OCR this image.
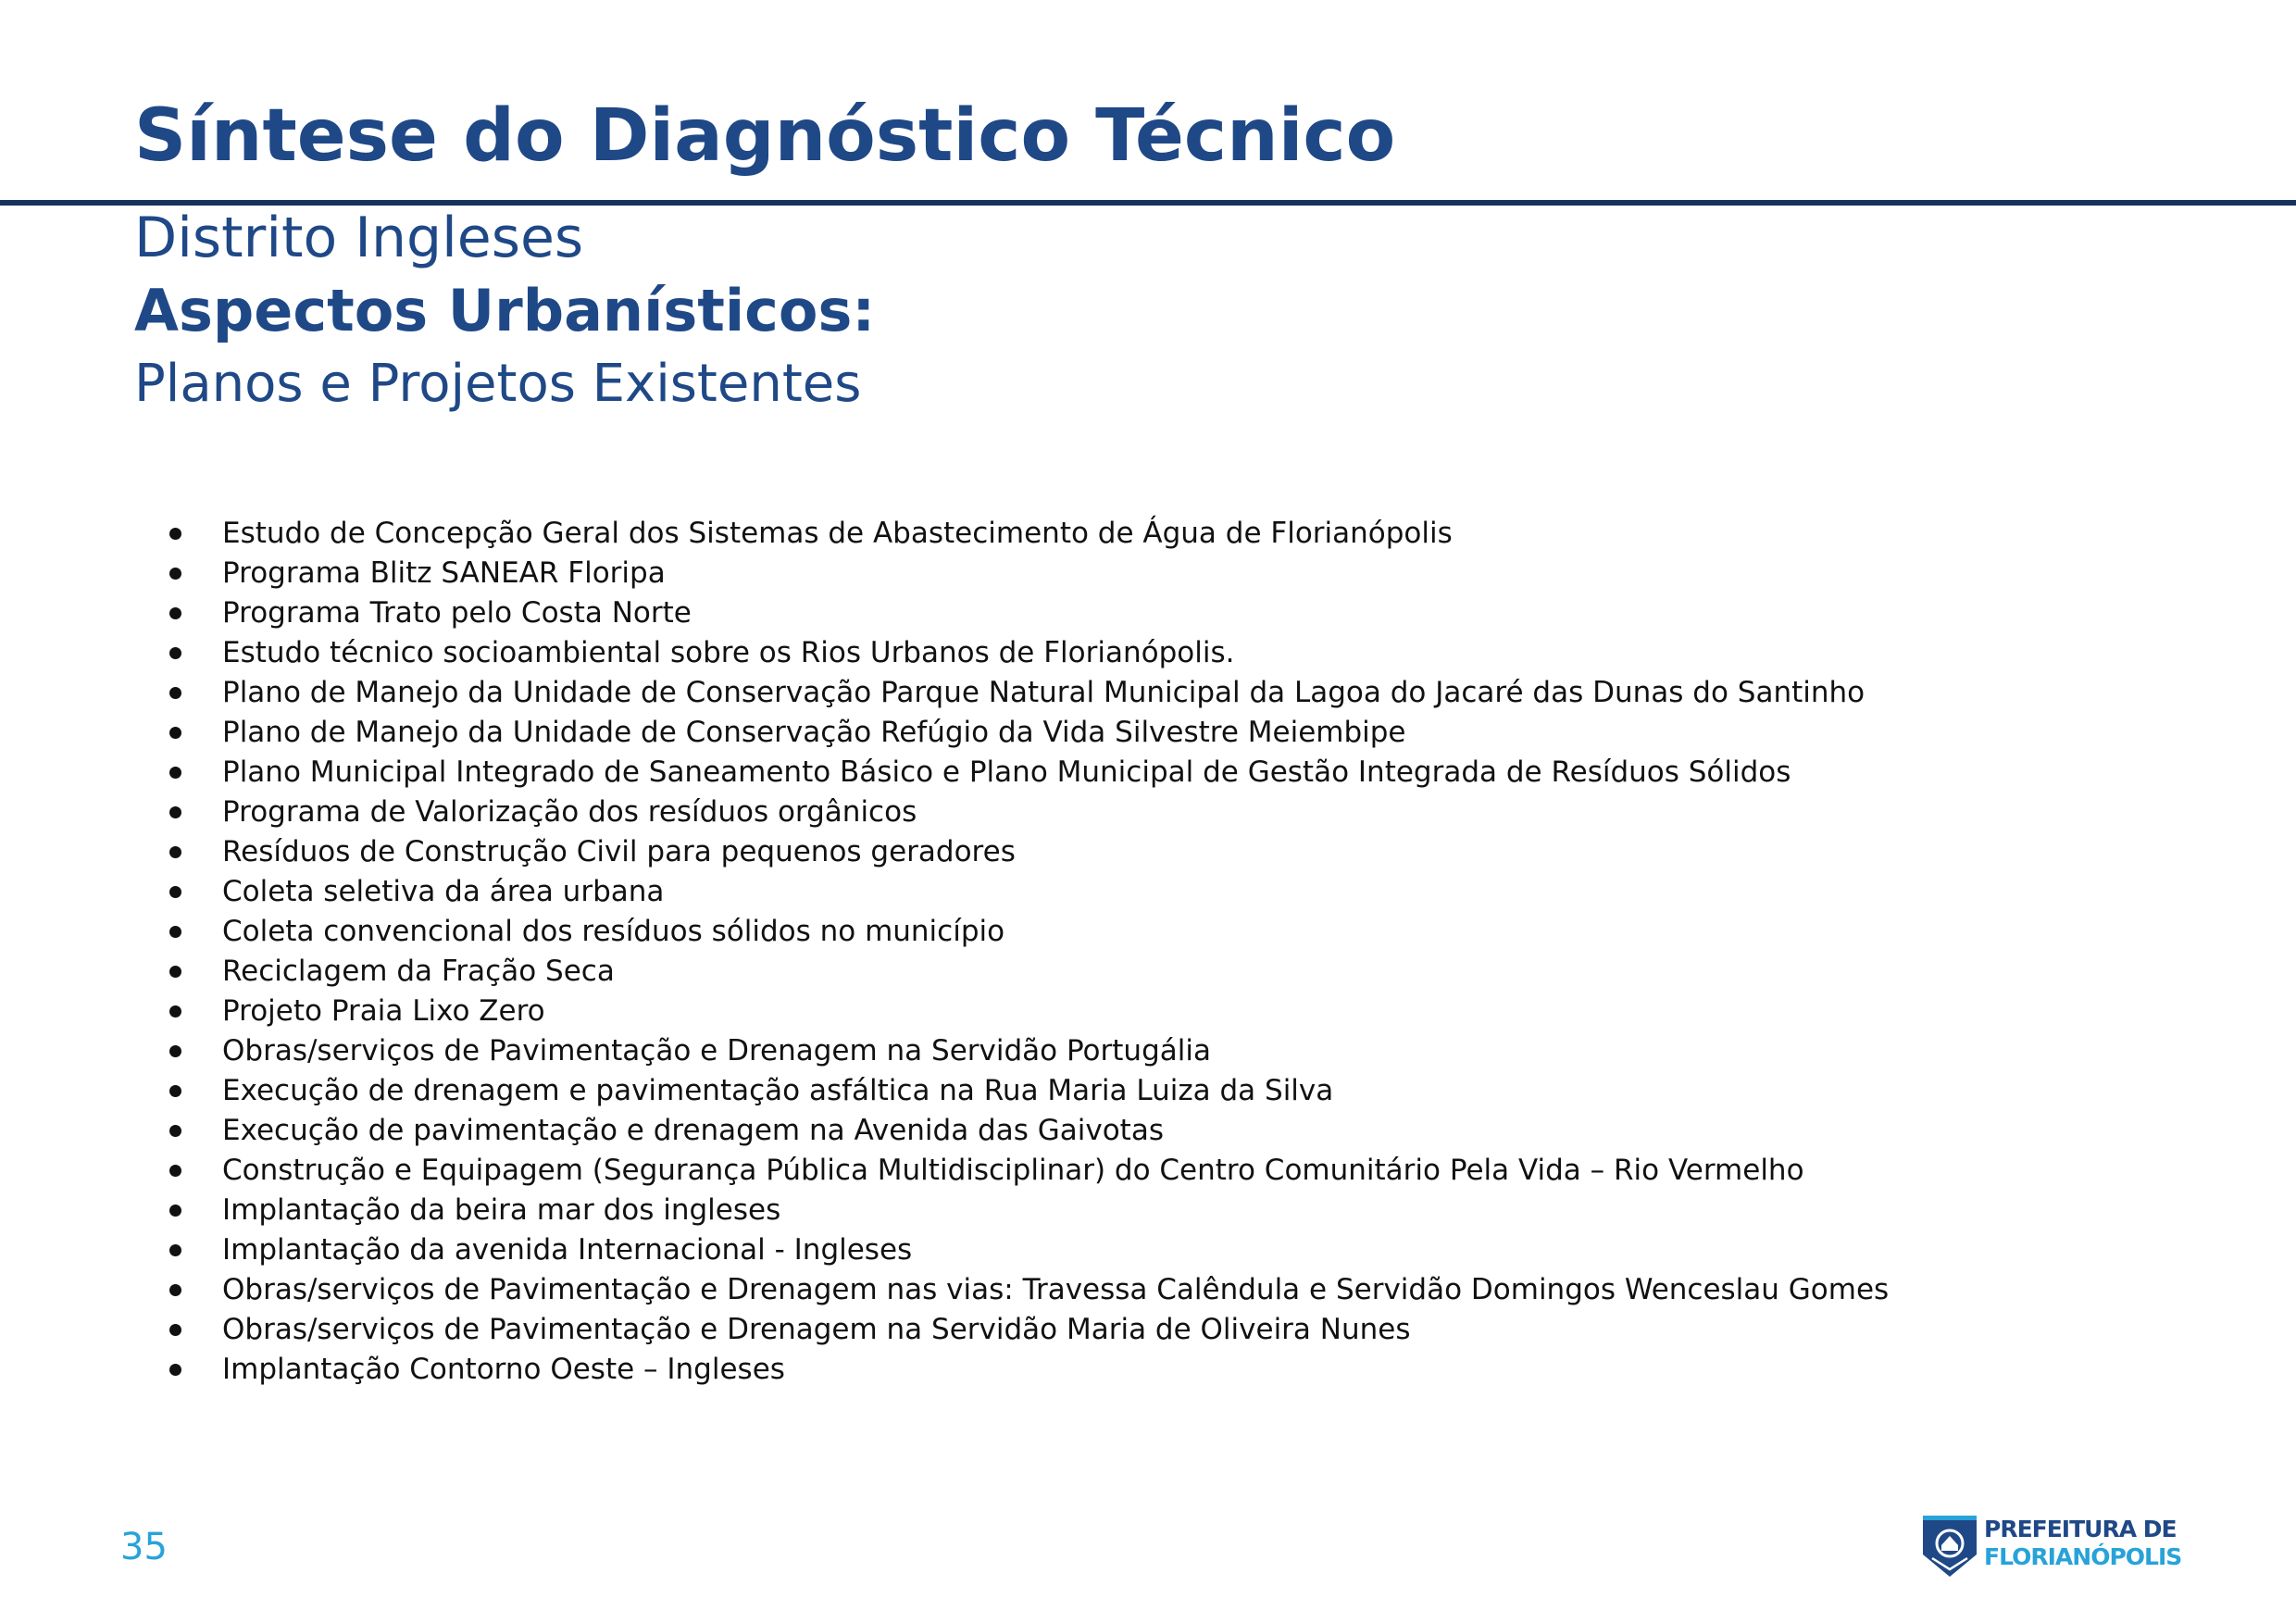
Síntese do Diagnóstico Técnico
Distrito Ingleses
Aspectos Urbanísticos:
Planos e Projetos Existentes
Estudo de Concepção Geral dos Sistemas de Abastecimento de Água de Florianópolis
Programa Blitz SANEAR Floripa
Programa Trato pelo Costa Norte
Estudo técnico socioambiental sobre os Rios Urbanos de Florianópolis.
Plano de Manejo da Unidade de Conservação Parque Natural Municipal da Lagoa do Jacaré das Dunas do Santinho
Plano de Manejo da Unidade de Conservação Refúgio da Vida Silvestre Meiembipe
Plano Municipal Integrado de Saneamento Básico e Plano Municipal de Gestão Integrada de Resíduos Sólidos
Programa de Valorização dos resíduos orgânicos
Resíduos de Construção Civil para pequenos geradores
Coleta seletiva da área urbana
Coleta convencional dos resíduos sólidos no município
Reciclagem da Fração Seca
Projeto Praia Lixo Zero
Obras/serviços de Pavimentação e Drenagem na Servidão Portugália
Execução de drenagem e pavimentação asfáltica na Rua Maria Luiza da Silva
Execução de pavimentação e drenagem na Avenida das Gaivotas
Construção e Equipagem (Segurança Pública Multidisciplinar) do Centro Comunitário Pela Vida – Rio Vermelho
Implantação da beira mar dos ingleses
Implantação da avenida Internacional - Ingleses
Obras/serviços de Pavimentação e Drenagem nas vias: Travessa Calêndula e Servidão Domingos Wenceslau Gomes
Obras/serviços de Pavimentação e Drenagem na Servidão Maria de Oliveira Nunes
Implantação Contorno Oeste – Ingleses
35	PREFEITURA DE
FLORIANÓPOLIS
